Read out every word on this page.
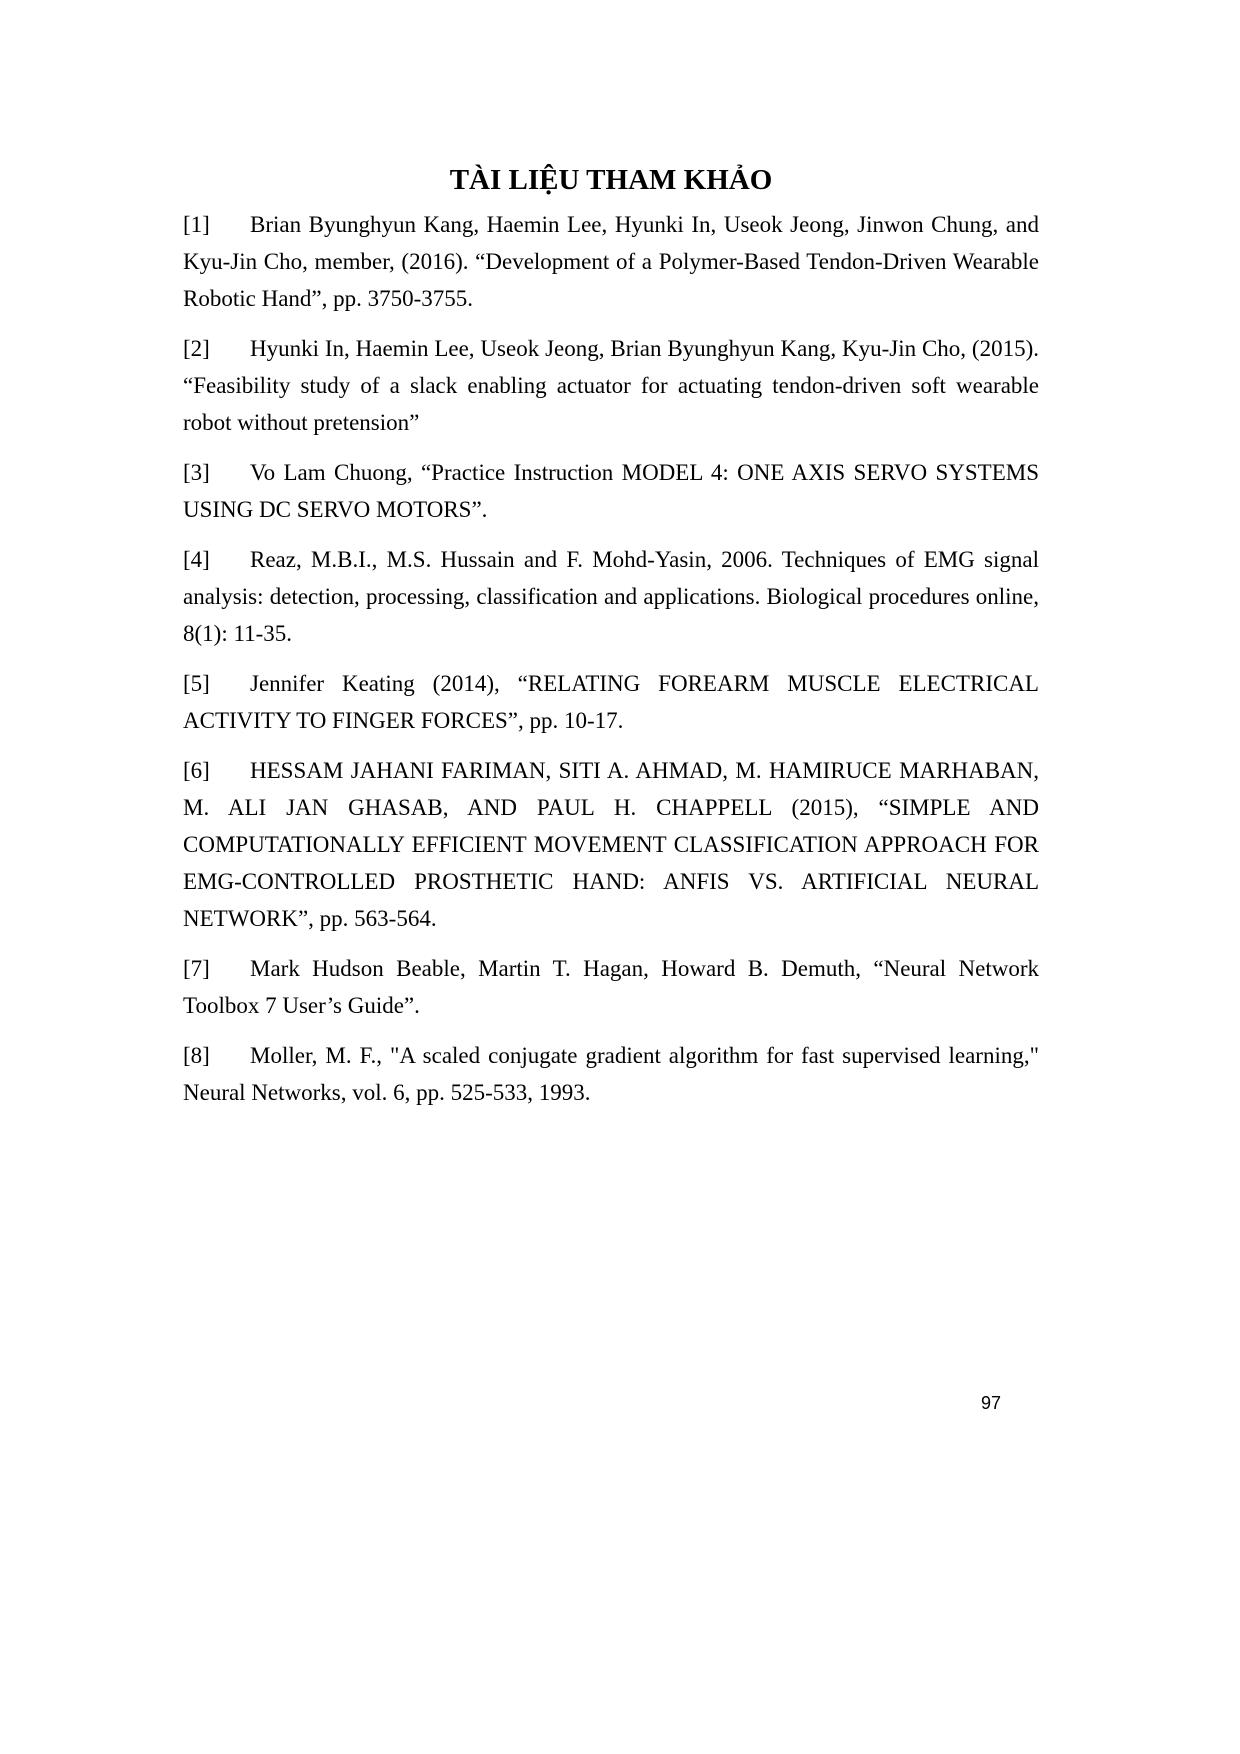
TÀI LIỆU THAM KHẢO

[1] Brian Byunghyun Kang, Haemin Lee, Hyunki In, Useok Jeong, Jinwon Chung, and Kyu-Jin Cho, member, (2016). “Development of a Polymer-Based Tendon-Driven Wearable Robotic Hand”, pp. 3750-3755.

[2] Hyunki In, Haemin Lee, Useok Jeong, Brian Byunghyun Kang, Kyu-Jin Cho, (2015). “Feasibility study of a slack enabling actuator for actuating tendon-driven soft wearable robot without pretension”

[3] Vo Lam Chuong, “Practice Instruction MODEL 4: ONE AXIS SERVO SYSTEMS USING DC SERVO MOTORS”.

[4] Reaz, M.B.I., M.S. Hussain and F. Mohd-Yasin, 2006. Techniques of EMG signal analysis: detection, processing, classification and applications. Biological procedures online, 8(1): 11-35.

[5] Jennifer Keating (2014), “RELATING FOREARM MUSCLE ELECTRICAL ACTIVITY TO FINGER FORCES”, pp. 10-17.

[6] HESSAM JAHANI FARIMAN, SITI A. AHMAD, M. HAMIRUCE MARHABAN, M. ALI JAN GHASAB, AND PAUL H. CHAPPELL (2015), “SIMPLE AND COMPUTATIONALLY EFFICIENT MOVEMENT CLASSIFICATION APPROACH FOR EMG-CONTROLLED PROSTHETIC HAND: ANFIS VS. ARTIFICIAL NEURAL NETWORK”, pp. 563-564.

[7] Mark Hudson Beable, Martin T. Hagan, Howard B. Demuth, “Neural Network Toolbox 7 User’s Guide”.

[8] Moller, M. F., "A scaled conjugate gradient algorithm for fast supervised learning," Neural Networks, vol. 6, pp. 525-533, 1993.

97
